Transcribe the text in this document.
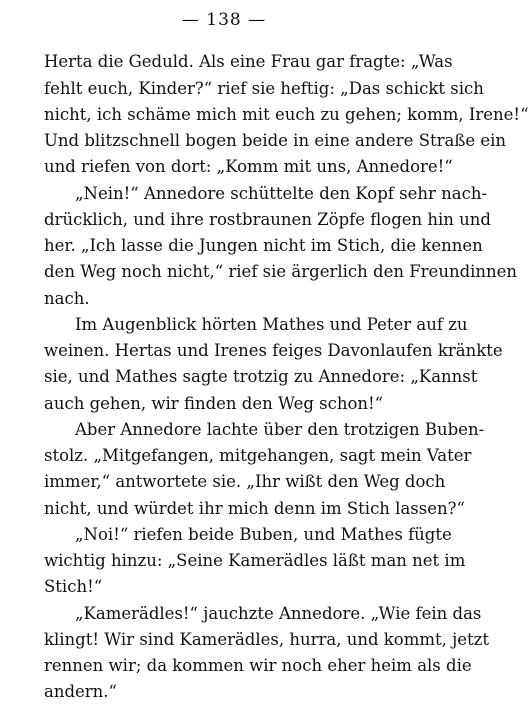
— 138 —
Herta die Geduld. Als eine Frau gar fragte: „Was
fehlt euch, Kinder?“ rief sie heftig: „Das schickt sich
nicht, ich schäme mich mit euch zu gehen; komm, Irene!“
Und blitzschnell bogen beide in eine andere Straße ein
und riefen von dort: „Komm mit uns, Annedore!“
„Nein!“ Annedore schüttelte den Kopf sehr nach-
drücklich, und ihre rostbraunen Zöpfe flogen hin und
her. „Ich lasse die Jungen nicht im Stich, die kennen
den Weg noch nicht,“ rief sie ärgerlich den Freundinnen
nach.
Im Augenblick hörten Mathes und Peter auf zu
weinen. Hertas und Irenes feiges Davonlaufen kränkte
sie, und Mathes sagte trotzig zu Annedore: „Kannst
auch gehen, wir finden den Weg schon!“
Aber Annedore lachte über den trotzigen Buben-
stolz. „Mitgefangen, mitgehangen, sagt mein Vater
immer,“ antwortete sie. „Ihr wißt den Weg doch
nicht, und würdet ihr mich denn im Stich lassen?“
„Noi!“ riefen beide Buben, und Mathes fügte
wichtig hinzu: „Seine Kamerädles läßt man net im
Stich!“
„Kamerädles!“ jauchzte Annedore. „Wie fein das
klingt! Wir sind Kamerädles, hurra, und kommt, jetzt
rennen wir; da kommen wir noch eher heim als die
andern.“
